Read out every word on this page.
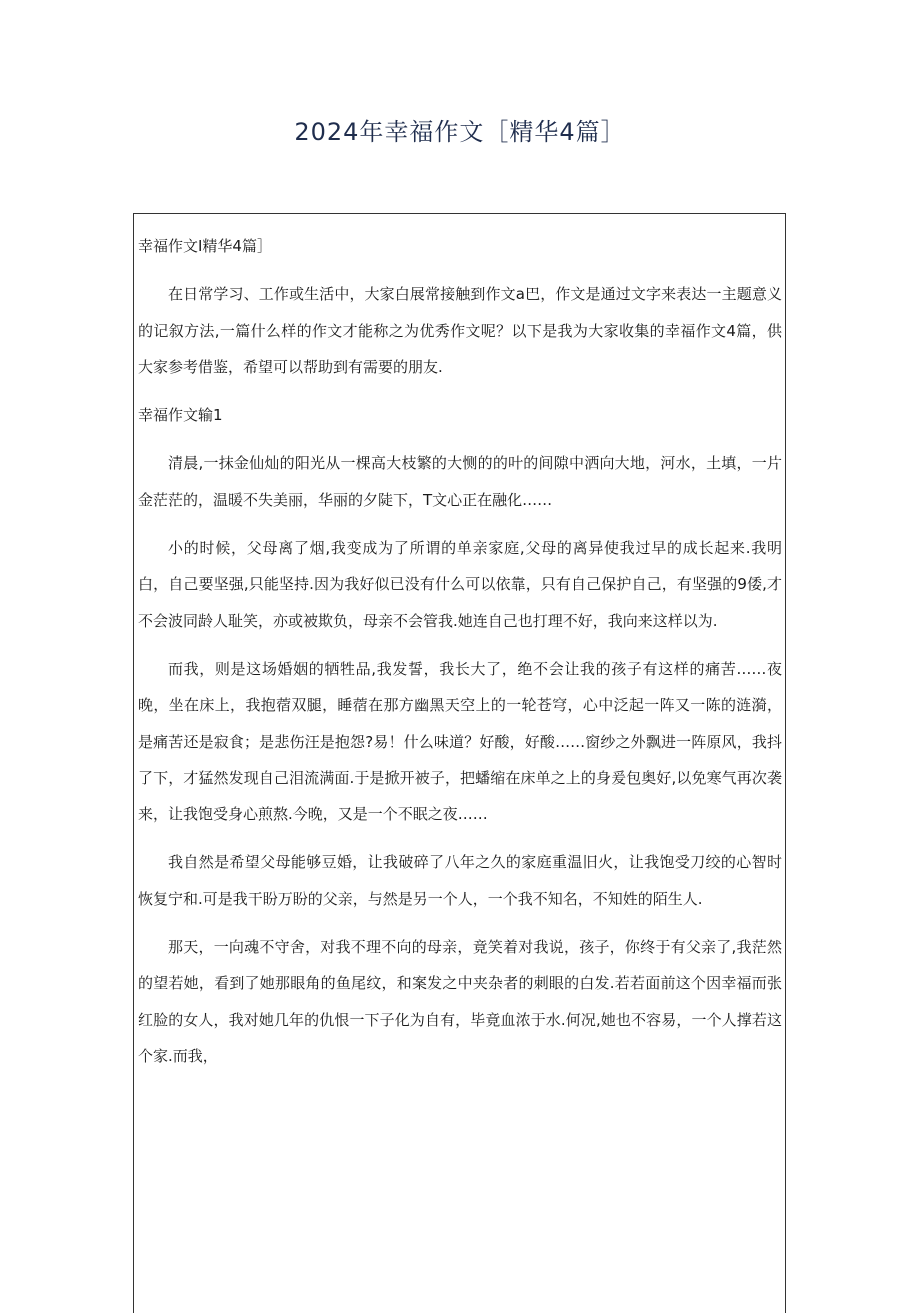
2024年幸福作文［精华4篇］

幸福作文I精华4篇］

在日常学习、工作或生活中，大家白展常接触到作文a巴，作文是通过文字来表达一主题意义的记叙方法,一篇什么样的作文才能称之为优秀作文呢？以下是我为大家收集的幸福作文4篇，供大家参考借鉴，希望可以帮助到有需要的朋友.

幸福作文输1

清晨,一抹金仙灿的阳光从一棵高大枝繁的大恻的的叶的间隙中洒向大地，河水，土填，一片金茫茫的，温暖不失美丽，华丽的夕陡下，T文心正在融化……

小的时候，父母离了烟,我变成为了所谓的单亲家庭,父母的离异使我过早的成长起来.我明白，自己要坚强,只能坚持.因为我好似已没有什么可以依靠，只有自己保护自己，有坚强的9倭,才不会波同龄人耻笑，亦或被欺负，母亲不会管我.她连自己也打理不好，我向来这样以为.

而我，则是这场婚姻的牺牲品,我发誓，我长大了，绝不会让我的孩子有这样的痛苦……夜晚，坐在床上，我抱蓿双腿，睡蓿在那方幽黑天空上的一轮苍穹，心中泛起一阵又一陈的涟漪，是痛苦还是寂食；是悲伤汪是抱怨?易！什么味道？好酸，好酸……窗纱之外飘进一阵原风，我抖了下，才猛然发现自己泪流满面.于是掀开被子，把蟠缩在床单之上的身爰包奥好,以免寒气再次袭来，让我饱受身心煎熬.今晚，又是一个不眠之夜……

我自然是希望父母能够豆婚，让我破碎了八年之久的家庭重温旧火，让我饱受刀绞的心智时恢复宁和.可是我干盼万盼的父亲，与然是另一个人，一个我不知名，不知姓的陌生人.

那天，一向魂不守舍，对我不理不向的母亲，竟笑着对我说，孩子，你终于有父亲了,我茫然的望若她，看到了她那眼角的鱼尾纹，和案发之中夹杂者的刺眼的白发.若若面前这个因幸福而张红脸的女人，我对她几年的仇恨一下子化为自有，毕竟血浓于水.何况,她也不容易，一个人撑若这个家.而我，
